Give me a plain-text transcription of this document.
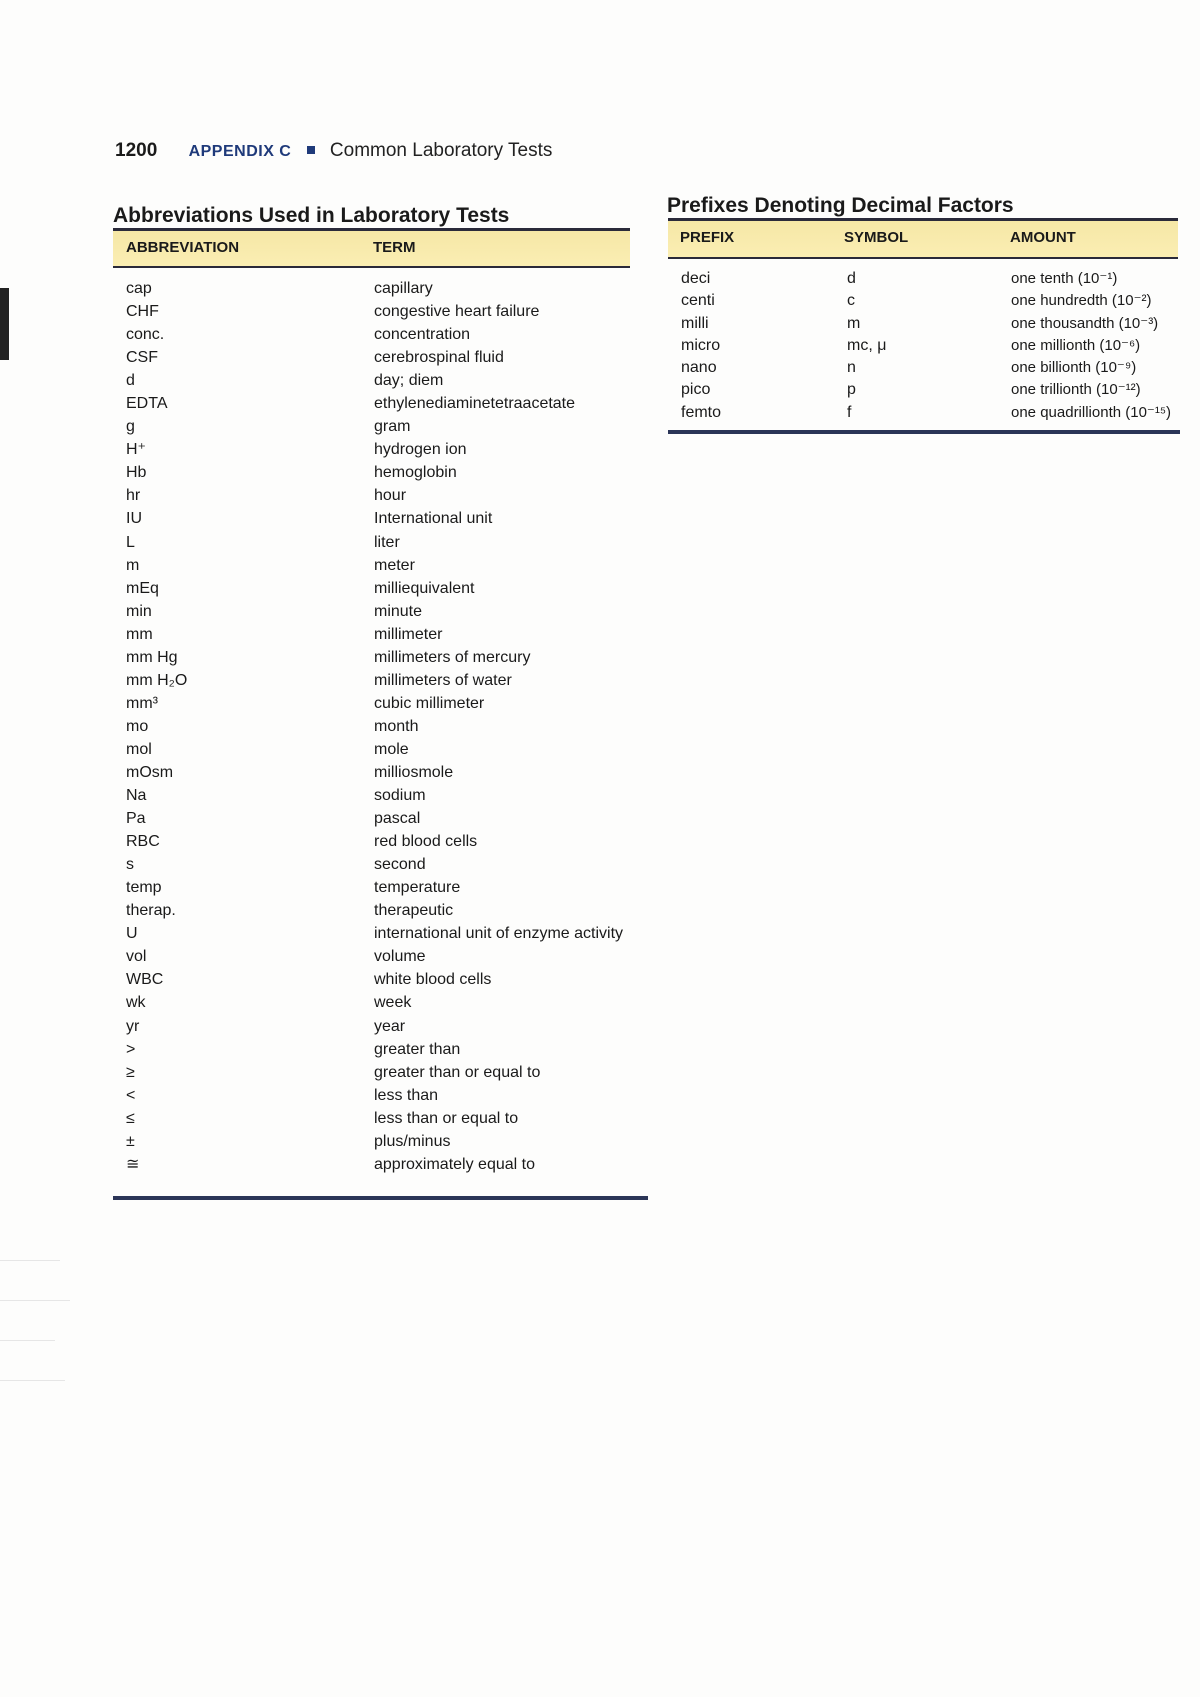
1200 APPENDIX C Common Laboratory Tests
Abbreviations Used in Laboratory Tests
ABBREVIATION	TERM
cap	capillary
CHF	congestive heart failure
conc.	concentration
CSF	cerebrospinal fluid
d	day; diem
EDTA	ethylenediaminetetraacetate
g	gram
H⁺	hydrogen ion
Hb	hemoglobin
hr	hour
IU	International unit
L	liter
m	meter
mEq	milliequivalent
min	minute
mm	millimeter
mm Hg	millimeters of mercury
mm H₂O	millimeters of water
mm³	cubic millimeter
mo	month
mol	mole
mOsm	milliosmole
Na	sodium
Pa	pascal
RBC	red blood cells
s	second
temp	temperature
therap.	therapeutic
U	international unit of enzyme activity
vol	volume
WBC	white blood cells
wk	week
yr	year
>	greater than
≥	greater than or equal to
<	less than
≤	less than or equal to
±	plus/minus
≅	approximately equal to
Prefixes Denoting Decimal Factors
PREFIX	SYMBOL	AMOUNT
deci	d	one tenth (10⁻¹)
centi	c	one hundredth (10⁻²)
milli	m	one thousandth (10⁻³)
micro	mc, μ	one millionth (10⁻⁶)
nano	n	one billionth (10⁻⁹)
pico	p	one trillionth (10⁻¹²)
femto	f	one quadrillionth (10⁻¹⁵)
